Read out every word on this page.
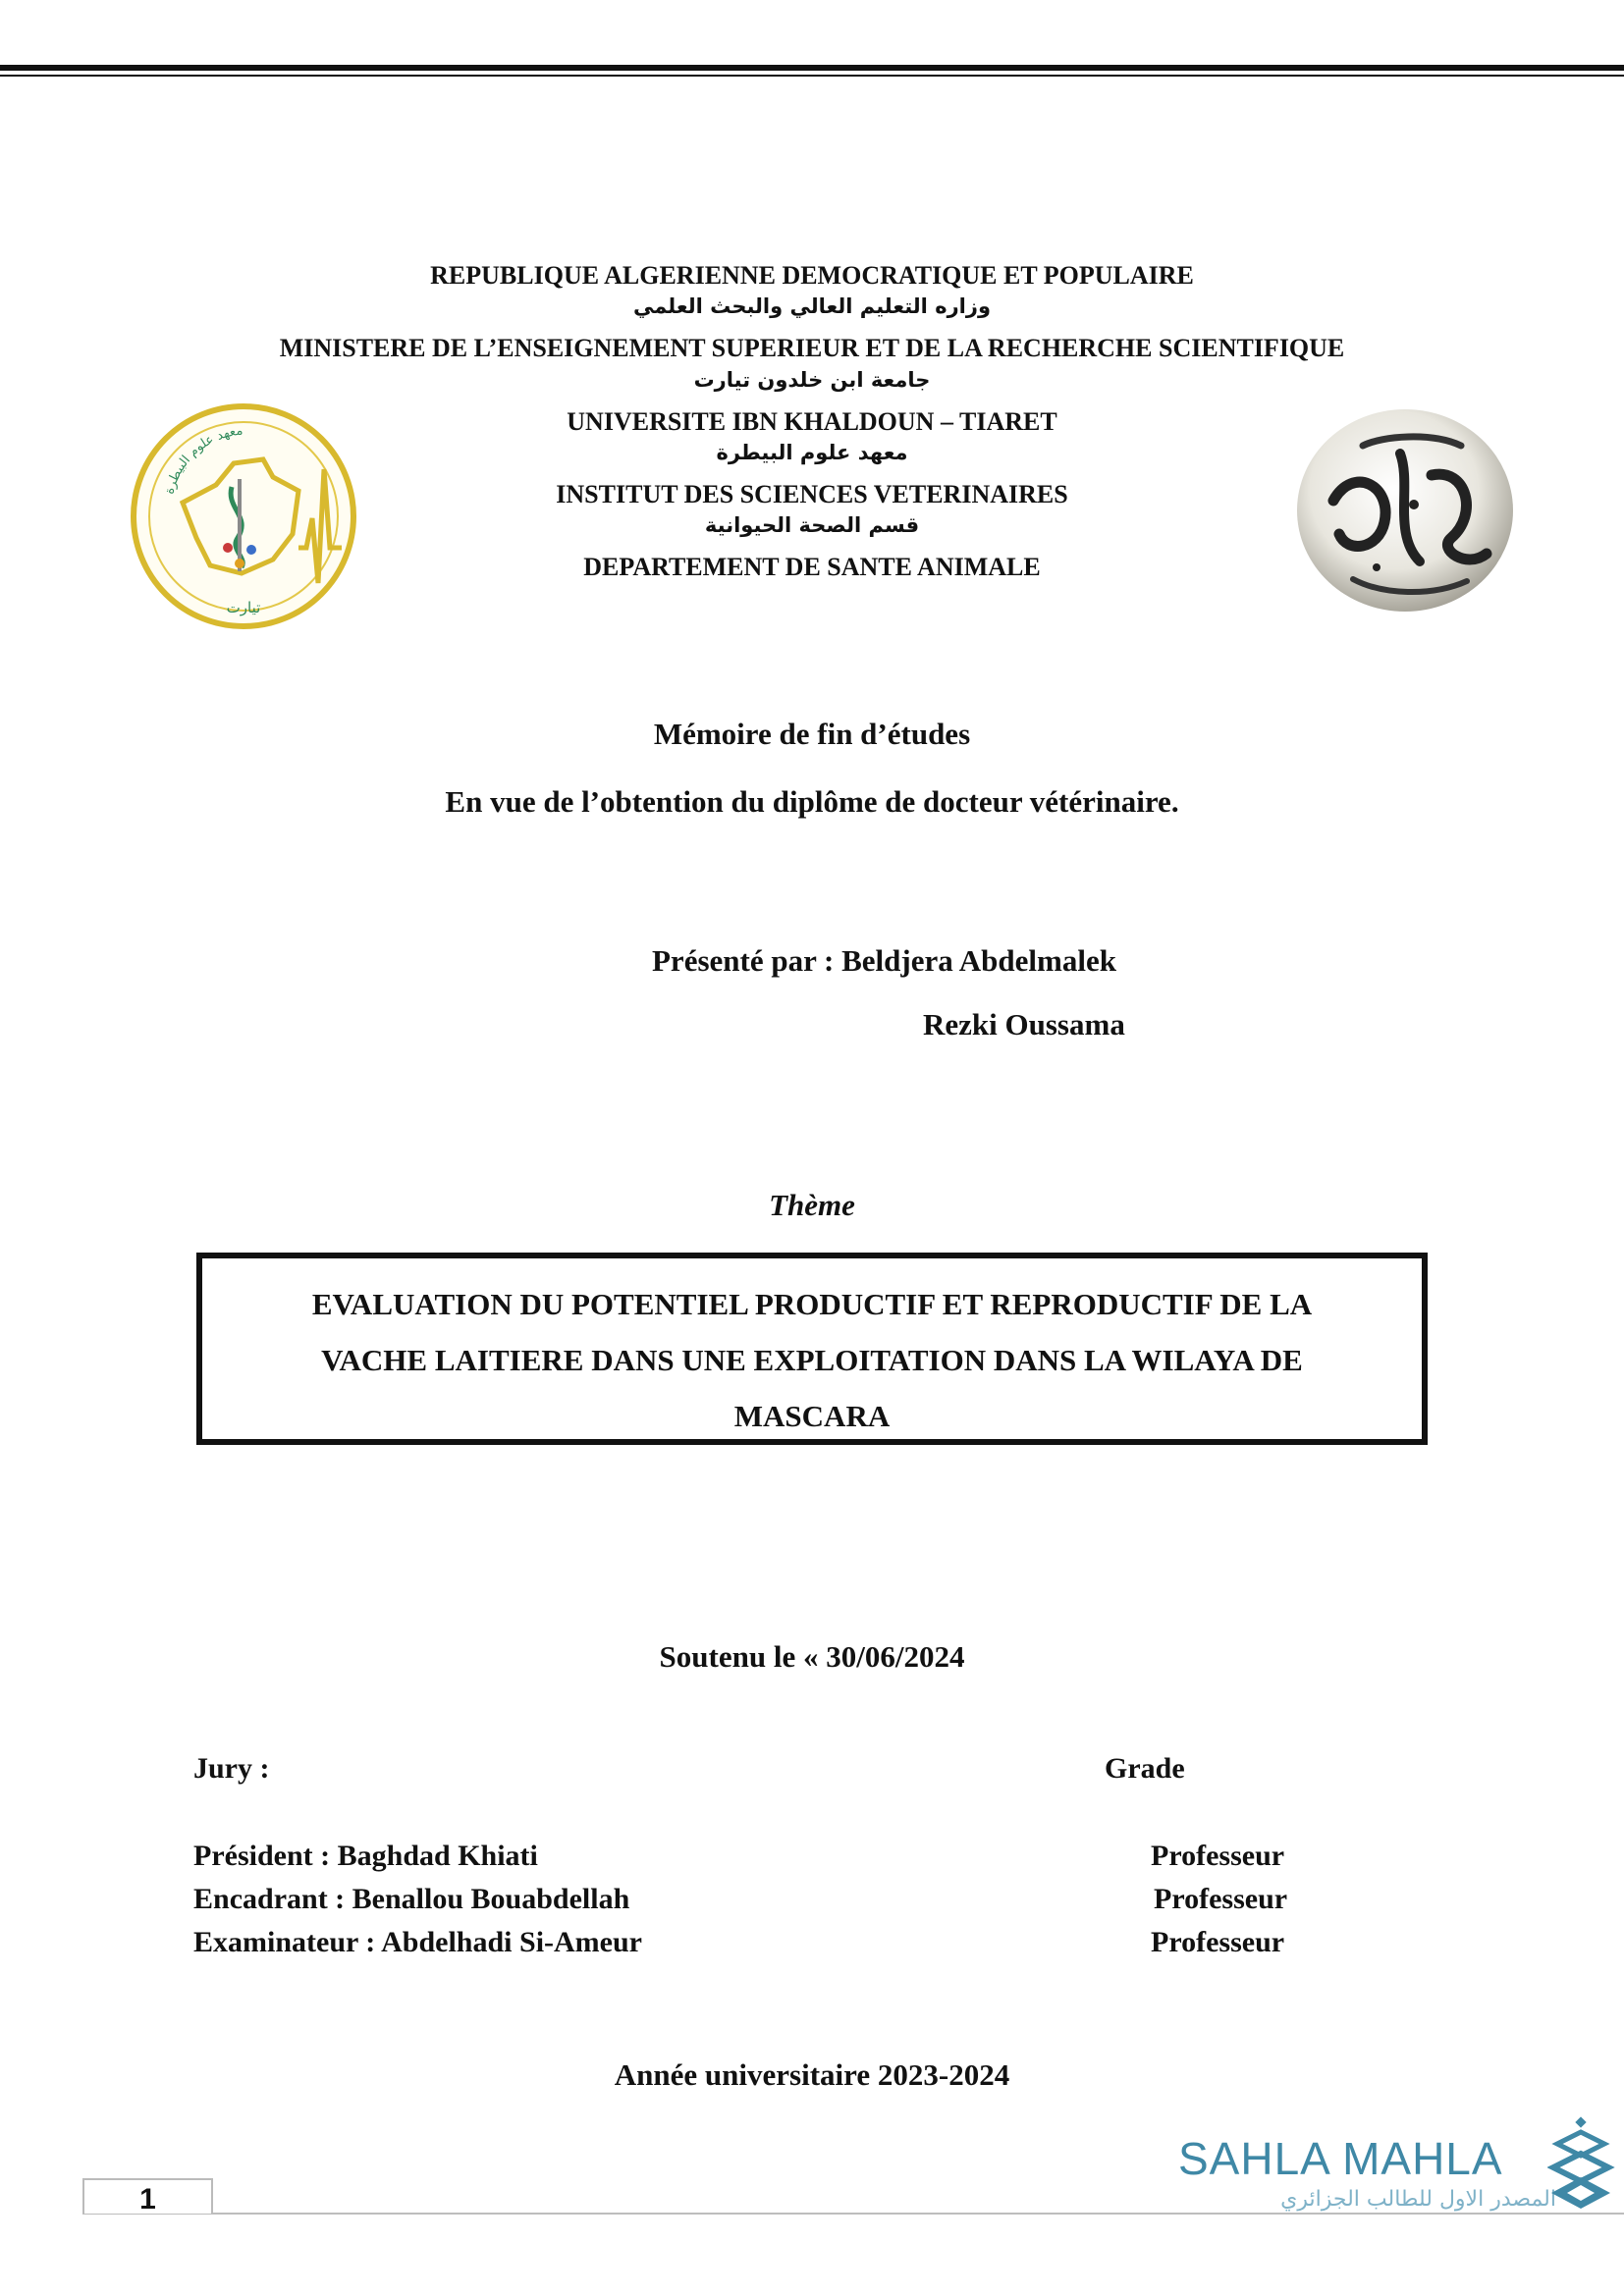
REPUBLIQUE ALGERIENNE DEMOCRATIQUE ET POPULAIRE
وزاره التعليم العالي والبحث العلمي
MINISTERE DE L’ENSEIGNEMENT SUPERIEUR ET DE LA RECHERCHE SCIENTIFIQUE
جامعة ابن خلدون تيارت
UNIVERSITE IBN KHALDOUN – TIARET
معهد علوم البيطرة
INSTITUT DES SCIENCES VETERINAIRES
قسم الصحة الحيوانية
DEPARTEMENT DE SANTE ANIMALE
معهد علوم البيطرة
تيارت
Mémoire de fin d’études
En vue de l’obtention du diplôme de docteur vétérinaire.
Présenté par : Beldjera Abdelmalek
Rezki Oussama
Thème
EVALUATION DU POTENTIEL PRODUCTIF ET REPRODUCTIF DE LA
VACHE LAITIERE DANS UNE EXPLOITATION DANS LA WILAYA DE
MASCARA
Soutenu le « 30/06/2024
Jury :	Grade
Président : Baghdad Khiati	Professeur
Encadrant : Benallou Bouabdellah	Professeur
Examinateur : Abdelhadi Si-Ameur	Professeur
Année universitaire 2023-2024
1
SAHLA MAHLA
المصدر الاول للطالب الجزائري
